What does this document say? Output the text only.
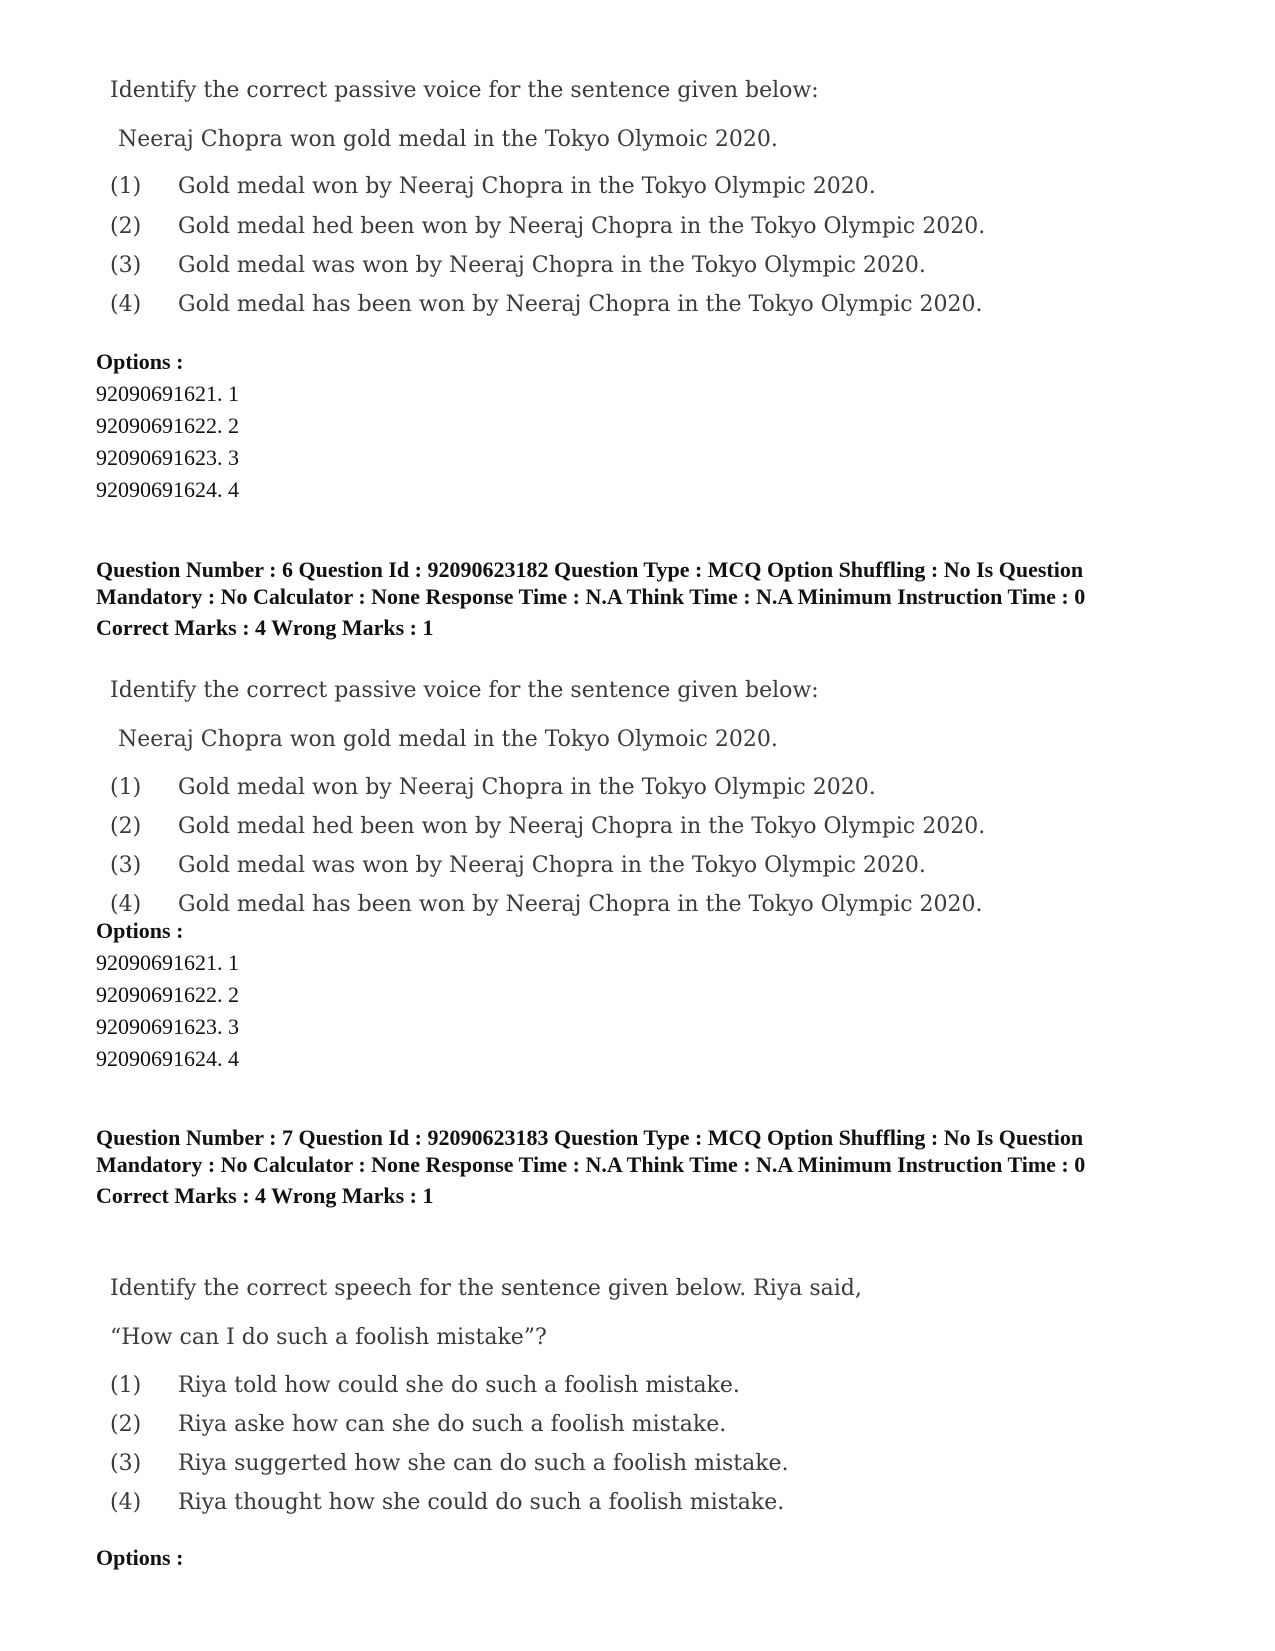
Identify the correct passive voice for the sentence given below:
Neeraj Chopra won gold medal in the Tokyo Olymoic 2020.
(1) Gold medal won by Neeraj Chopra in the Tokyo Olympic 2020.
(2) Gold medal hed been won by Neeraj Chopra in the Tokyo Olympic 2020.
(3) Gold medal was won by Neeraj Chopra in the Tokyo Olympic 2020.
(4) Gold medal has been won by Neeraj Chopra in the Tokyo Olympic 2020.
Options :
92090691621. 1
92090691622. 2
92090691623. 3
92090691624. 4
Question Number : 6 Question Id : 92090623182 Question Type : MCQ Option Shuffling : No Is Question
Mandatory : No Calculator : None Response Time : N.A Think Time : N.A Minimum Instruction Time : 0
Correct Marks : 4 Wrong Marks : 1
Identify the correct passive voice for the sentence given below:
Neeraj Chopra won gold medal in the Tokyo Olymoic 2020.
(1) Gold medal won by Neeraj Chopra in the Tokyo Olympic 2020.
(2) Gold medal hed been won by Neeraj Chopra in the Tokyo Olympic 2020.
(3) Gold medal was won by Neeraj Chopra in the Tokyo Olympic 2020.
(4) Gold medal has been won by Neeraj Chopra in the Tokyo Olympic 2020.
Options :
92090691621. 1
92090691622. 2
92090691623. 3
92090691624. 4
Question Number : 7 Question Id : 92090623183 Question Type : MCQ Option Shuffling : No Is Question
Mandatory : No Calculator : None Response Time : N.A Think Time : N.A Minimum Instruction Time : 0
Correct Marks : 4 Wrong Marks : 1
Identify the correct speech for the sentence given below. Riya said,
“How can I do such a foolish mistake”?
(1) Riya told how could she do such a foolish mistake.
(2) Riya aske how can she do such a foolish mistake.
(3) Riya suggerted how she can do such a foolish mistake.
(4) Riya thought how she could do such a foolish mistake.
Options :
